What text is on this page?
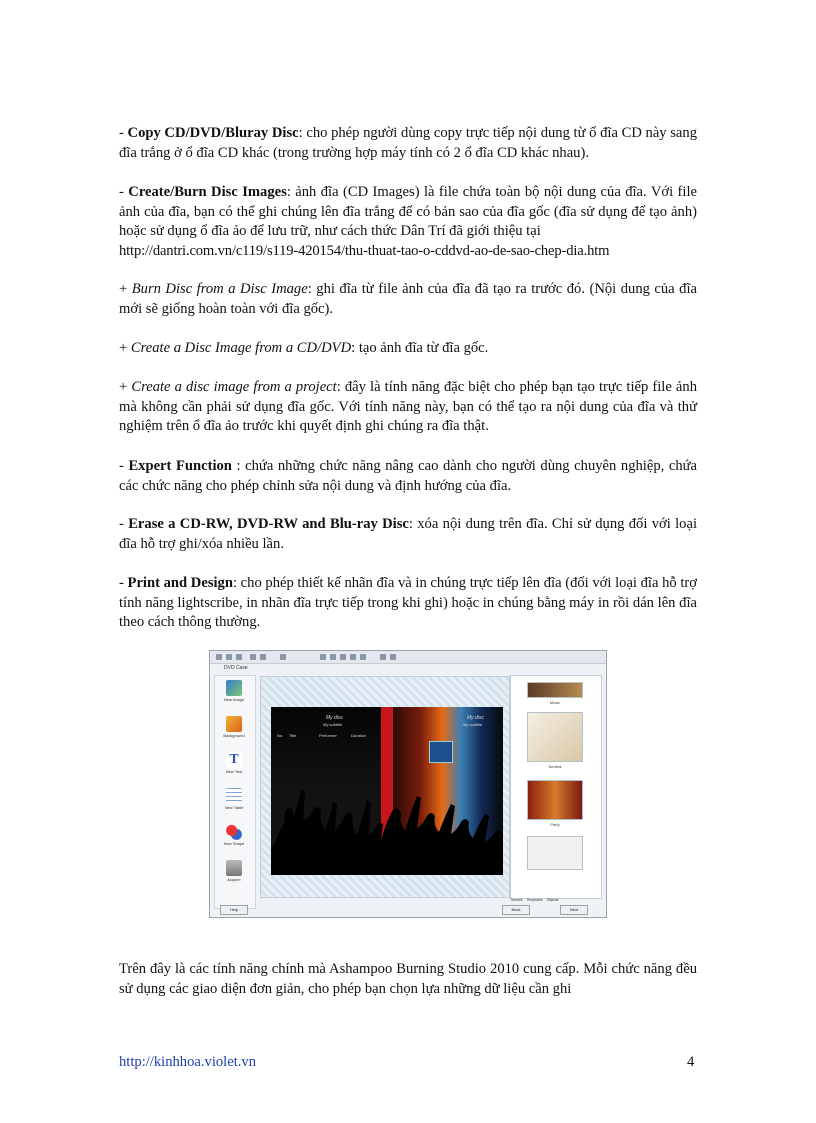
- Copy CD/DVD/Bluray Disc: cho phép người dùng copy trực tiếp nội dung từ ổ đĩa CD này sang đĩa trắng ở ổ đĩa CD khác (trong trường hợp máy tính có 2 ổ đĩa CD khác nhau).
- Create/Burn Disc Images: ảnh đĩa (CD Images) là file chứa toàn bộ nội dung của đĩa. Với file ảnh của đĩa, bạn có thể ghi chúng lên đĩa trắng để có bản sao của đĩa gốc (đĩa sử dụng để tạo ảnh) hoặc sử dụng ổ đĩa ảo để lưu trữ, như cách thức Dân Trí đã giới thiệu tại
http://dantri.com.vn/c119/s119-420154/thu-thuat-tao-o-cddvd-ao-de-sao-chep-dia.htm
+ Burn Disc from a Disc Image: ghi đĩa từ file ảnh của đĩa đã tạo ra trước đó. (Nội dung của đĩa mới sẽ giống hoàn toàn với đĩa gốc).
+ Create a Disc Image from a CD/DVD: tạo ảnh đĩa từ đĩa gốc.
+ Create a disc image from a project: đây là tính năng đặc biệt cho phép bạn tạo trực tiếp file ảnh mà không cần phải sử dụng đĩa gốc. Với tính năng này, bạn có thể tạo ra nội dung của đĩa và thử nghiệm trên ổ đĩa ảo trước khi quyết định ghi chúng ra đĩa thật.
- Expert Function : chứa những chức năng nâng cao dành cho người dùng chuyên nghiệp, chứa các chức năng cho phép chỉnh sửa nội dung và định hướng của đĩa.
- Erase a CD-RW, DVD-RW and Blu-ray Disc: xóa nội dung trên đĩa. Chỉ sử dụng đối với loại đĩa hỗ trợ ghi/xóa nhiều lần.
- Print and Design: cho phép thiết kế nhãn đĩa và in chúng trực tiếp lên đĩa (đối với loại đĩa hỗ trợ tính năng lightscribe, in nhãn đĩa trực tiếp trong khi ghi) hoặc in chúng bằng máy in rồi dán lên đĩa theo cách thông thường.
DVD Case
New Image
Background
T
New Text
New Table
New Shape
Acquire
My disc
My subtitle
No. Title	Performer	Duration
My disc
My subtitle
Music
Neutral
Party
Themes Templates Objects
Help	Back	Next
Trên đây là các tính năng chính mà Ashampoo Burning Studio 2010 cung cấp. Mỗi chức năng đều sử dụng các giao diện đơn giản, cho phép bạn chọn lựa những dữ liệu cần ghi
http://kinhhoa.violet.vn	4
